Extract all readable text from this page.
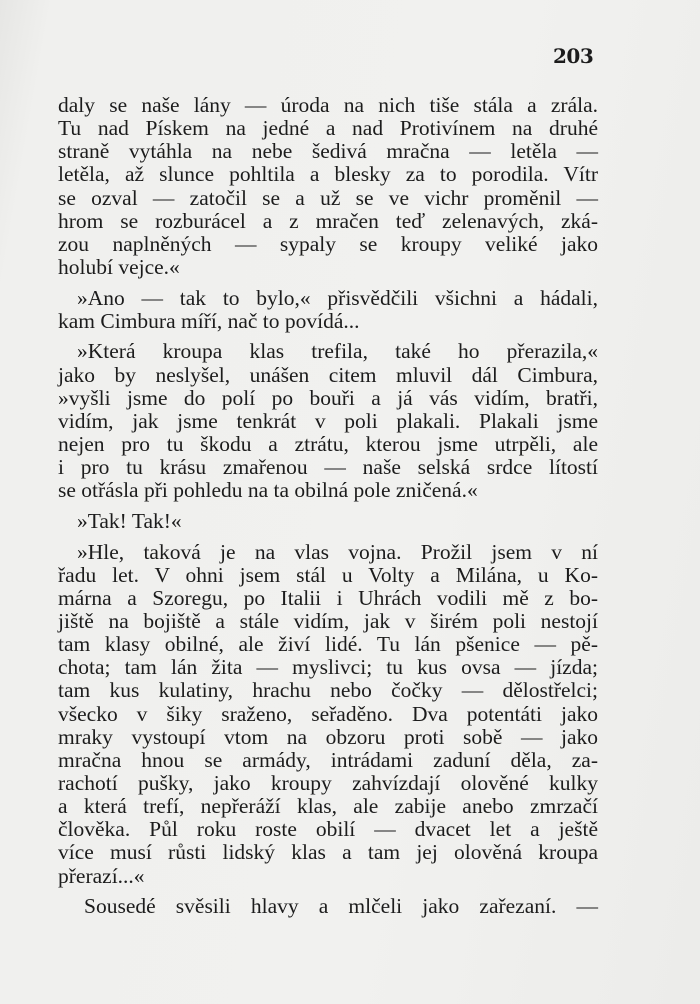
203
daly se naše lány — úroda na nich tiše stála a zrála.
Tu nad Pískem na jedné a nad Protivínem na druhé
straně vytáhla na nebe šedivá mračna — letěla —
letěla, až slunce pohltila a blesky za to porodila. Vítr
se ozval — zatočil se a už se ve vichr proměnil —
hrom se rozburácel a z mračen teď zelenavých, zká-
zou naplněných — sypaly se kroupy veliké jako
holubí vejce.«
»Ano — tak to bylo,« přisvědčili všichni a hádali,
kam Cimbura míří, nač to povídá...
»Která kroupa klas trefila, také ho přerazila,«
jako by neslyšel, unášen citem mluvil dál Cimbura,
»vyšli jsme do polí po bouři a já vás vidím, bratři,
vidím, jak jsme tenkrát v poli plakali. Plakali jsme
nejen pro tu škodu a ztrátu, kterou jsme utrpěli, ale
i pro tu krásu zmařenou — naše selská srdce lítostí
se otřásla při pohledu na ta obilná pole zničená.«
»Tak! Tak!«
»Hle, taková je na vlas vojna. Prožil jsem v ní
řadu let. V ohni jsem stál u Volty a Milána, u Ko-
márna a Szoregu, po Italii i Uhrách vodili mě z bo-
jiště na bojiště a stále vidím, jak v širém poli nestojí
tam klasy obilné, ale živí lidé. Tu lán pšenice — pě-
chota; tam lán žita — myslivci; tu kus ovsa — jízda;
tam kus kulatiny, hrachu nebo čočky — dělostřelci;
všecko v šiky sraženo, seřaděno. Dva potentáti jako
mraky vystoupí vtom na obzoru proti sobě — jako
mračna hnou se armády, intrádami zaduní děla, za-
rachotí pušky, jako kroupy zahvízdají olověné kulky
a která trefí, nepřeráží klas, ale zabije anebo zmrzačí
člověka. Půl roku roste obilí — dvacet let a ještě
více musí růsti lidský klas a tam jej olověná kroupa
přerazí...«
Sousedé svěsili hlavy a mlčeli jako zařezaní. —
